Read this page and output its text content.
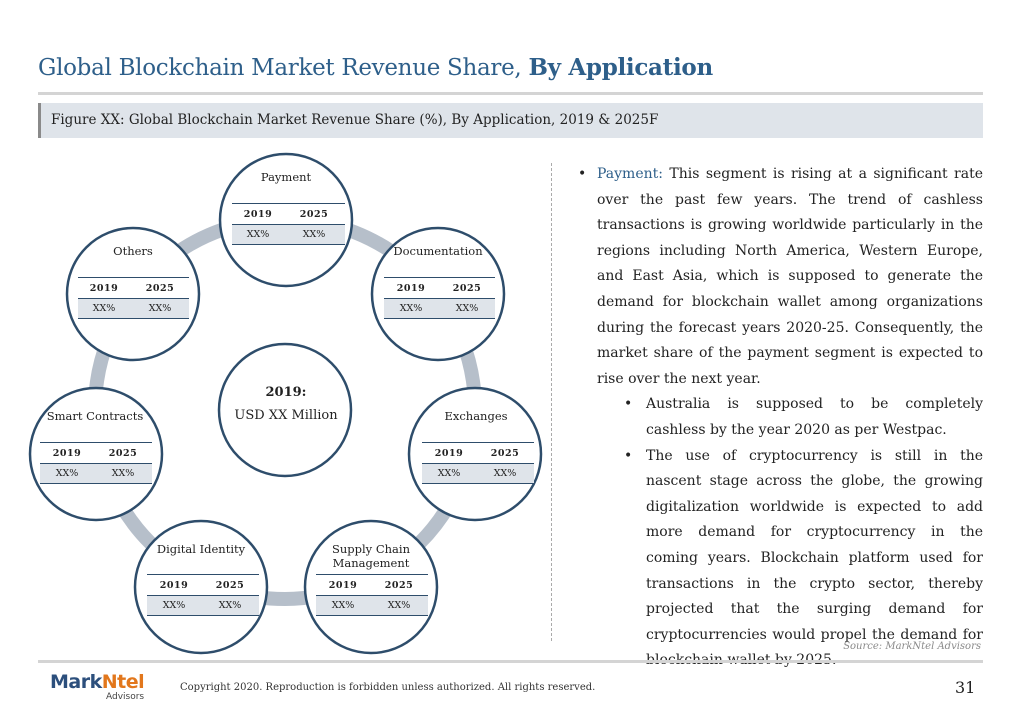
Global Blockchain Market Revenue Share, By Application
Figure XX: Global Blockchain Market Revenue Share (%), By Application, 2019 & 2025F
2019:
USD XX Million
Payment
2019	2025
XX%	XX%
Documentation
2019	2025
XX%	XX%
Exchanges
2019	2025
XX%	XX%
Supply Chain Management
2019	2025
XX%	XX%
Digital Identity
2019	2025
XX%	XX%
Smart Contracts
2019	2025
XX%	XX%
Others
2019	2025
XX%	XX%
• Payment: This segment is rising at a significant rate over the past few years. The trend of cashless transactions is growing worldwide particularly in the regions including North America, Western Europe, and East Asia, which is supposed to generate the demand for blockchain wallet among organizations during the forecast years 2020-25. Consequently, the market share of the payment segment is expected to rise over the next year.
• Australia is supposed to be completely cashless by the year 2020 as per Westpac.
• The use of cryptocurrency is still in the nascent stage across the globe, the growing digitalization worldwide is expected to add more demand for cryptocurrency in the coming years. Blockchain platform used for transactions in the crypto sector, thereby projected that the surging demand for cryptocurrencies would propel the demand for
Source: MarkNtel Advisors
MarkNtel
Advisors
Copyright 2020. Reproduction is forbidden unless authorized. All rights reserved.	31
